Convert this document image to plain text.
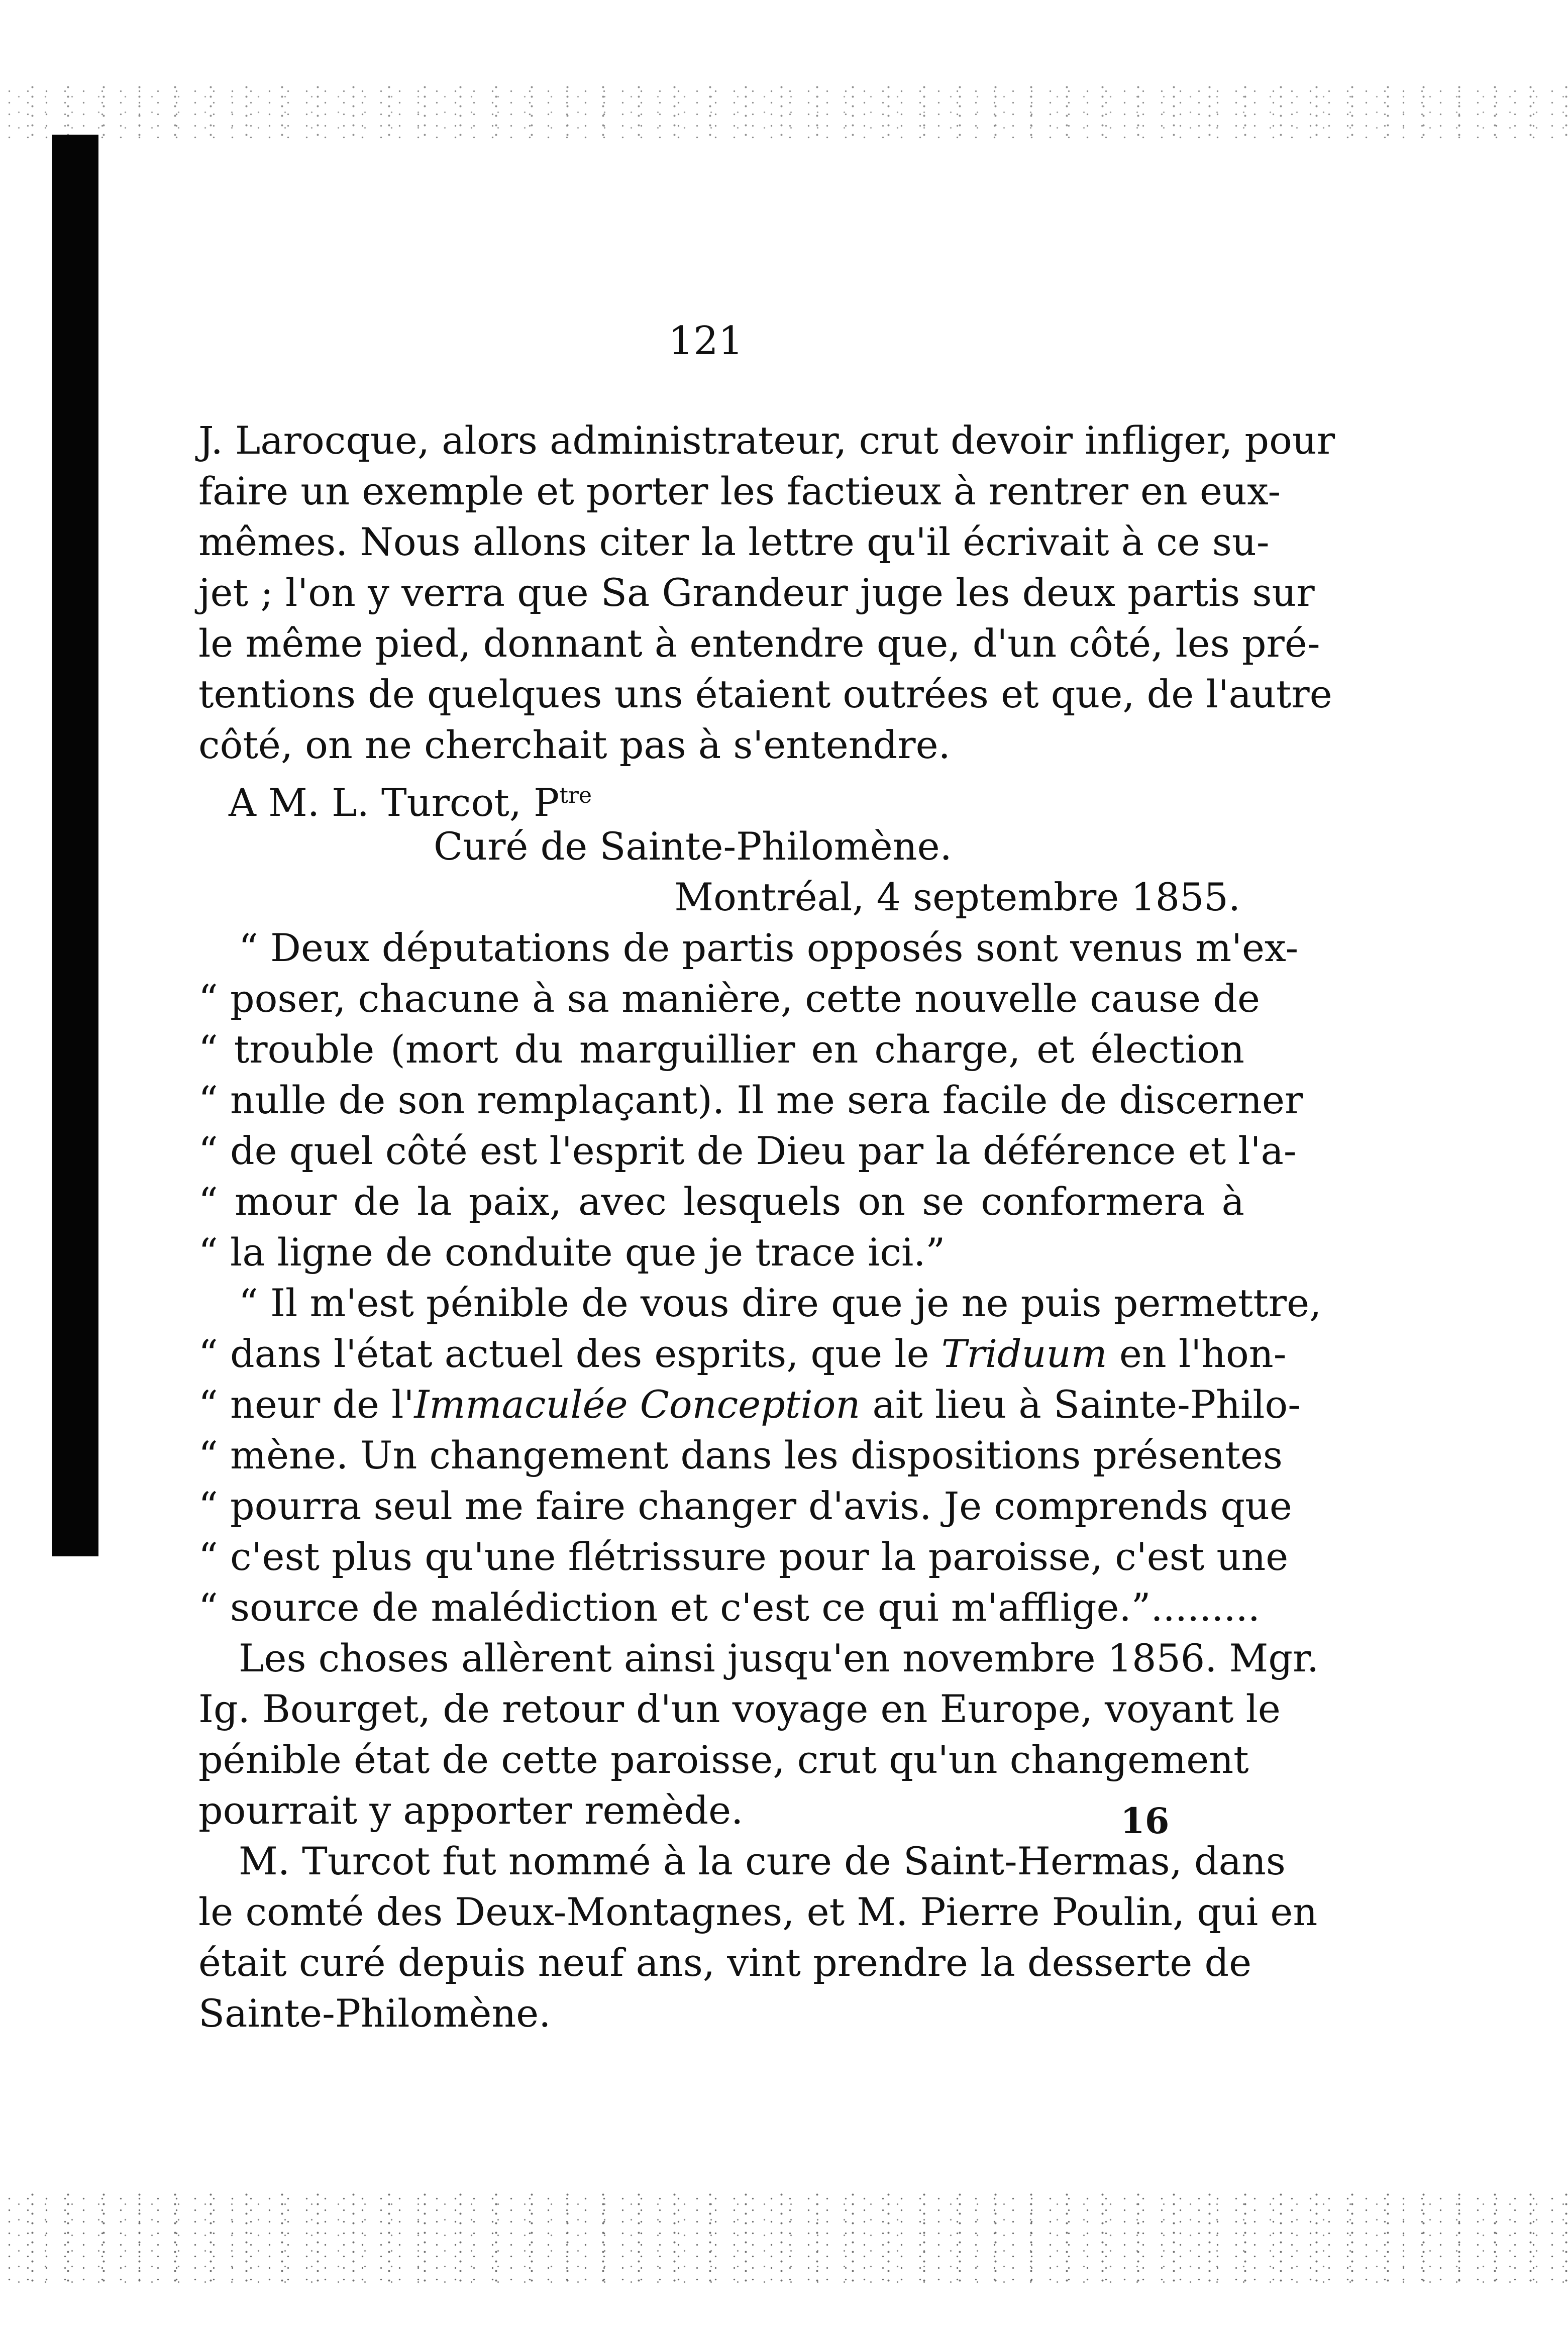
121
J. Larocque, alors administrateur, crut devoir infliger, pour
faire un exemple et porter les factieux à rentrer en eux-
mêmes. Nous allons citer la lettre qu'il écrivait à ce su-
jet ; l'on y verra que Sa Grandeur juge les deux partis sur
le même pied, donnant à entendre que, d'un côté, les pré-
tentions de quelques uns étaient outrées et que, de l'autre
côté, on ne cherchait pas à s'entendre.
A M. L. Turcot, $P^{tre}$
Curé de Sainte-Philomène.
Montréal, 4 septembre 1855.
“ Deux députations de partis opposés sont venus m'ex-
“ poser, chacune à sa manière, cette nouvelle cause de
“ trouble (mort du marguillier en charge, et élection
“ nulle de son remplaçant). Il me sera facile de discerner
“ de quel côté est l'esprit de Dieu par la déférence et l'a-
“ mour de la paix, avec lesquels on se conformera à
“ la ligne de conduite que je trace ici.”
“ Il m'est pénible de vous dire que je ne puis permettre,
“ dans l'état actuel des esprits, que le Triduum en l'hon-
“ neur de l'Immaculée Conception ait lieu à Sainte-Philo-
“ mène. Un changement dans les dispositions présentes
“ pourra seul me faire changer d'avis. Je comprends que
“ c'est plus qu'une flétrissure pour la paroisse, c'est une
“ source de malédiction et c'est ce qui m'afflige.”.........
Les choses allèrent ainsi jusqu'en novembre 1856. Mgr.
Ig. Bourget, de retour d'un voyage en Europe, voyant le
pénible état de cette paroisse, crut qu'un changement
pourrait y apporter remède.
M. Turcot fut nommé à la cure de Saint-Hermas, dans
le comté des Deux-Montagnes, et M. Pierre Poulin, qui en
était curé depuis neuf ans, vint prendre la desserte de
Sainte-Philomène.
16
